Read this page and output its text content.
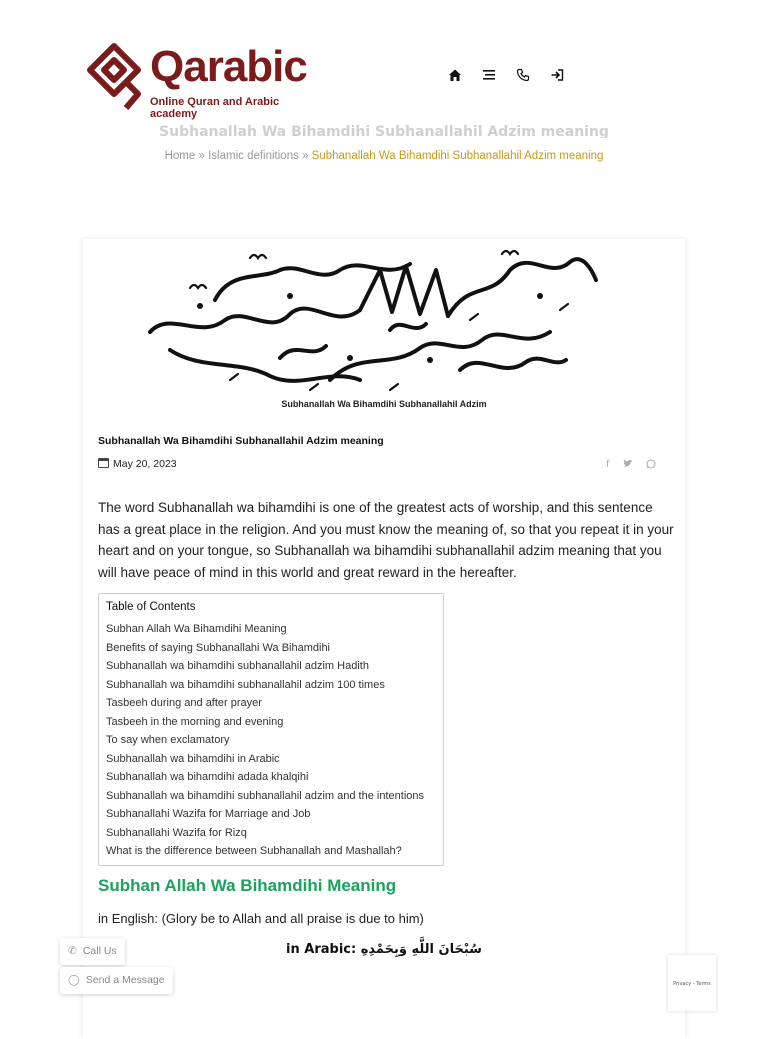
Qarabic
Online Quran and Arabic academy
Subhanallah Wa Bihamdihi Subhanallahil Adzim meaning
Home » Islamic definitions » Subhanallah Wa Bihamdihi Subhanallahil Adzim meaning
Subhanallah Wa Bihamdihi Subhanallahil Adzim
Subhanallah Wa Bihamdihi Subhanallahil Adzim meaning
May 20, 2023	f
The word Subhanallah wa bihamdihi is one of the greatest acts of worship, and this sentence has a great place in the religion. And you must know the meaning of, so that you repeat it in your heart and on your tongue, so Subhanallah wa bihamdihi subhanallahil adzim meaning that you will have peace of mind in this world and great reward in the hereafter.
Table of Contents
Subhan Allah Wa Bihamdihi Meaning
Benefits of saying Subhanallahi Wa Bihamdihi
Subhanallah wa bihamdihi subhanallahil adzim Hadith
Subhanallah wa bihamdihi subhanallahil adzim 100 times
Tasbeeh during and after prayer
Tasbeeh in the morning and evening
To say when exclamatory
Subhanallah wa bihamdihi in Arabic
Subhanallah wa bihamdihi adada khalqihi
Subhanallah wa bihamdihi subhanallahil adzim and the intentions
Subhanallahi Wazifa for Marriage and Job
Subhanallahi Wazifa for Rizq
What is the difference between Subhanallah and Mashallah?
Subhan Allah Wa Bihamdihi Meaning
in English: (Glory be to Allah and all praise is due to him)
in Arabic: سُبْحَانَ اللَّهِ وَبِحَمْدِهِ
✆ Call Us
◯ Send a Message	Privacy - Terms
